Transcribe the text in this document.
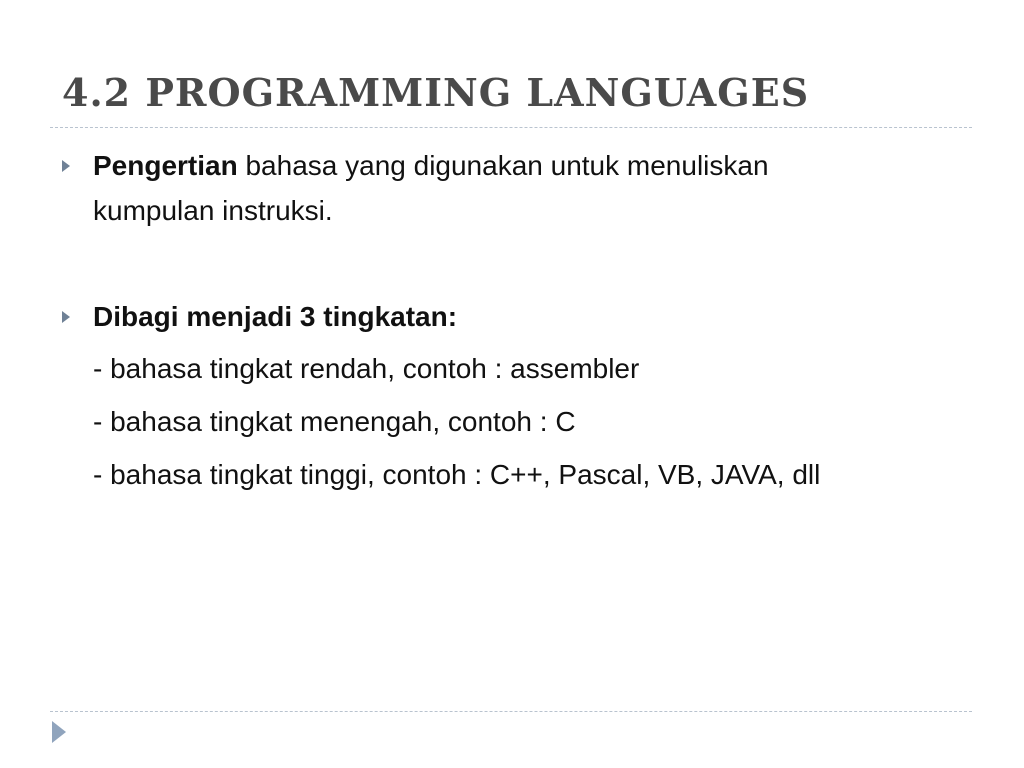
4.2 PROGRAMMING LANGUAGES

Pengertian bahasa yang digunakan untuk menuliskan

kumpulan instruksi.

Dibagi menjadi 3 tingkatan:

- bahasa tingkat rendah, contoh : assembler

- bahasa tingkat menengah, contoh : C

- bahasa tingkat tinggi, contoh : C++, Pascal, VB, JAVA, dll
